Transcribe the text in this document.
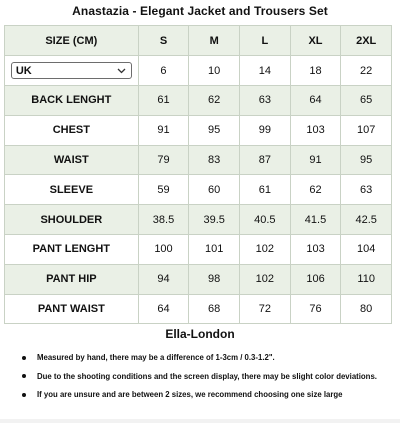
Anastazia - Elegant Jacket and Trousers Set
SIZE (CM)	S	M	L	XL	2XL
UK	6	10	14	18	22
BACK LENGHT	61	62	63	64	65
CHEST	91	95	99	103	107
WAIST	79	83	87	91	95
SLEEVE	59	60	61	62	63
SHOULDER	38.5	39.5	40.5	41.5	42.5
PANT LENGHT	100	101	102	103	104
PANT HIP	94	98	102	106	110
PANT WAIST	64	68	72	76	80
Ella-London
Measured by hand, there may be a difference of 1-3cm / 0.3-1.2".
Due to the shooting conditions and the screen display, there may be slight color deviations.
If you are unsure and are between 2 sizes, we recommend choosing one size large
